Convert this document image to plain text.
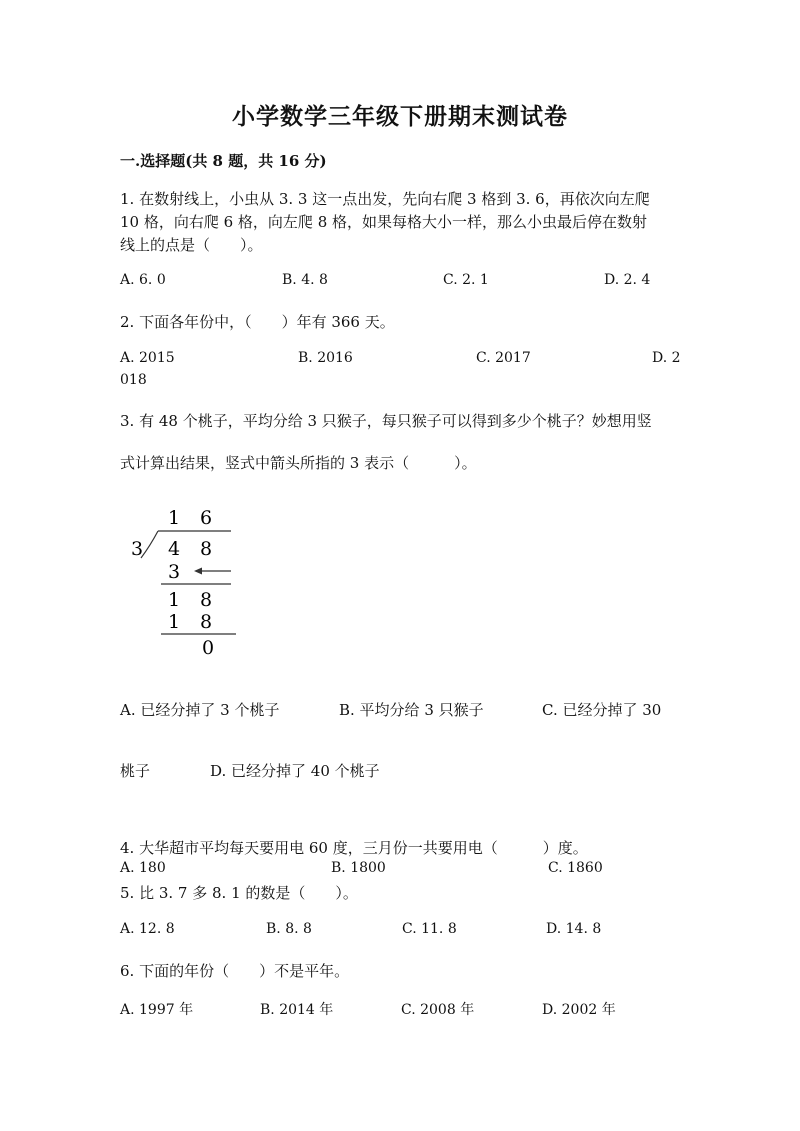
小学数学三年级下册期末测试卷
一.选择题(共 8 题，共 16 分)
1. 在数射线上，小虫从 3. 3 这一点出发，先向右爬 3 格到 3. 6，再依次向左爬
10 格，向右爬 6 格，向左爬 8 格，如果每格大小一样，那么小虫最后停在数射
线上的点是（　　）。
A. 6. 0	B. 4. 8	C. 2. 1	D. 2. 4
2. 下面各年份中，（　　）年有 366 天。
A. 2015	B. 2016	C. 2017	D. 2
018
3. 有 48 个桃子，平均分给 3 只猴子，每只猴子可以得到多少个桃子？妙想用竖
式计算出结果，竖式中箭头所指的 3 表示（　　　）。
1 6
3 4 8
3
1 8
1 8
0
A. 已经分掉了 3 个桃子	B. 平均分给 3 只猴子	C. 已经分掉了 30
桃子	D. 已经分掉了 40 个桃子
4. 大华超市平均每天要用电 60 度，三月份一共要用电（　　　）度。
A. 180	B. 1800	C. 1860
5. 比 3. 7 多 8. 1 的数是（　　）。
A. 12. 8	B. 8. 8	C. 11. 8	D. 14. 8
6. 下面的年份（　　）不是平年。
A. 1997 年	B. 2014 年	C. 2008 年	D. 2002 年
